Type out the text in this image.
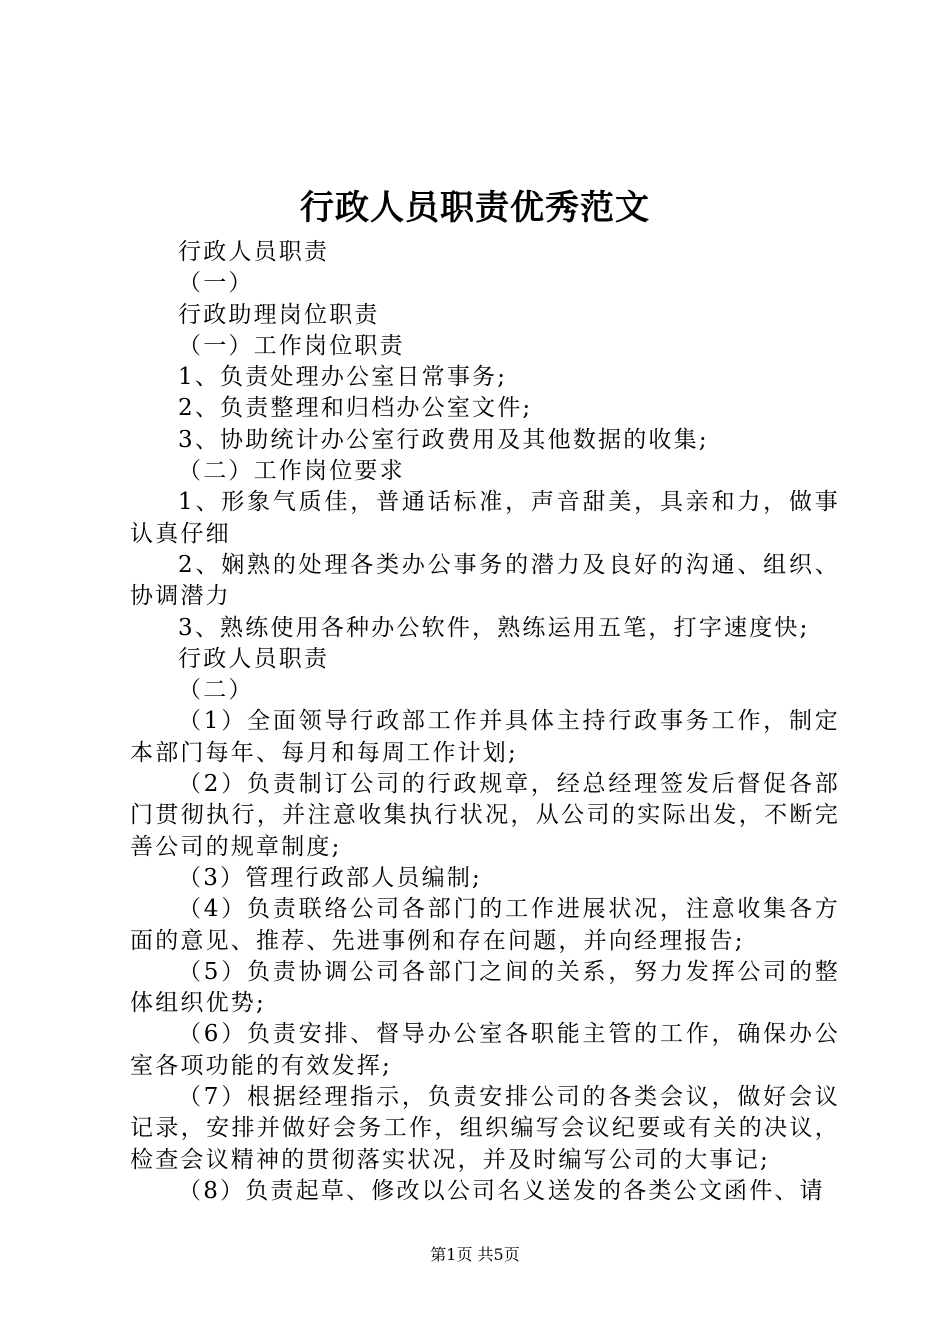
行政人员职责优秀范文

行政人员职责

（一）

行政助理岗位职责

（一）工作岗位职责

1、负责处理办公室日常事务;

2、负责整理和归档办公室文件;

3、协助统计办公室行政费用及其他数据的收集;

（二）工作岗位要求

1、形象气质佳，普通话标准，声音甜美，具亲和力，做事认真仔细

2、娴熟的处理各类办公事务的潜力及良好的沟通、组织、协调潜力

3、熟练使用各种办公软件，熟练运用五笔，打字速度快;

行政人员职责

（二）

（1）全面领导行政部工作并具体主持行政事务工作，制定本部门每年、每月和每周工作计划;

（2）负责制订公司的行政规章，经总经理签发后督促各部门贯彻执行，并注意收集执行状况，从公司的实际出发，不断完善公司的规章制度;

（3）管理行政部人员编制;

（4）负责联络公司各部门的工作进展状况，注意收集各方面的意见、推荐、先进事例和存在问题，并向经理报告;

（5）负责协调公司各部门之间的关系，努力发挥公司的整体组织优势;

（6）负责安排、督导办公室各职能主管的工作，确保办公室各项功能的有效发挥;

（7）根据经理指示，负责安排公司的各类会议，做好会议记录，安排并做好会务工作，组织编写会议纪要或有关的决议，检查会议精神的贯彻落实状况，并及时编写公司的大事记;

（8）负责起草、修改以公司名义送发的各类公文函件、请

第1页 共5页
